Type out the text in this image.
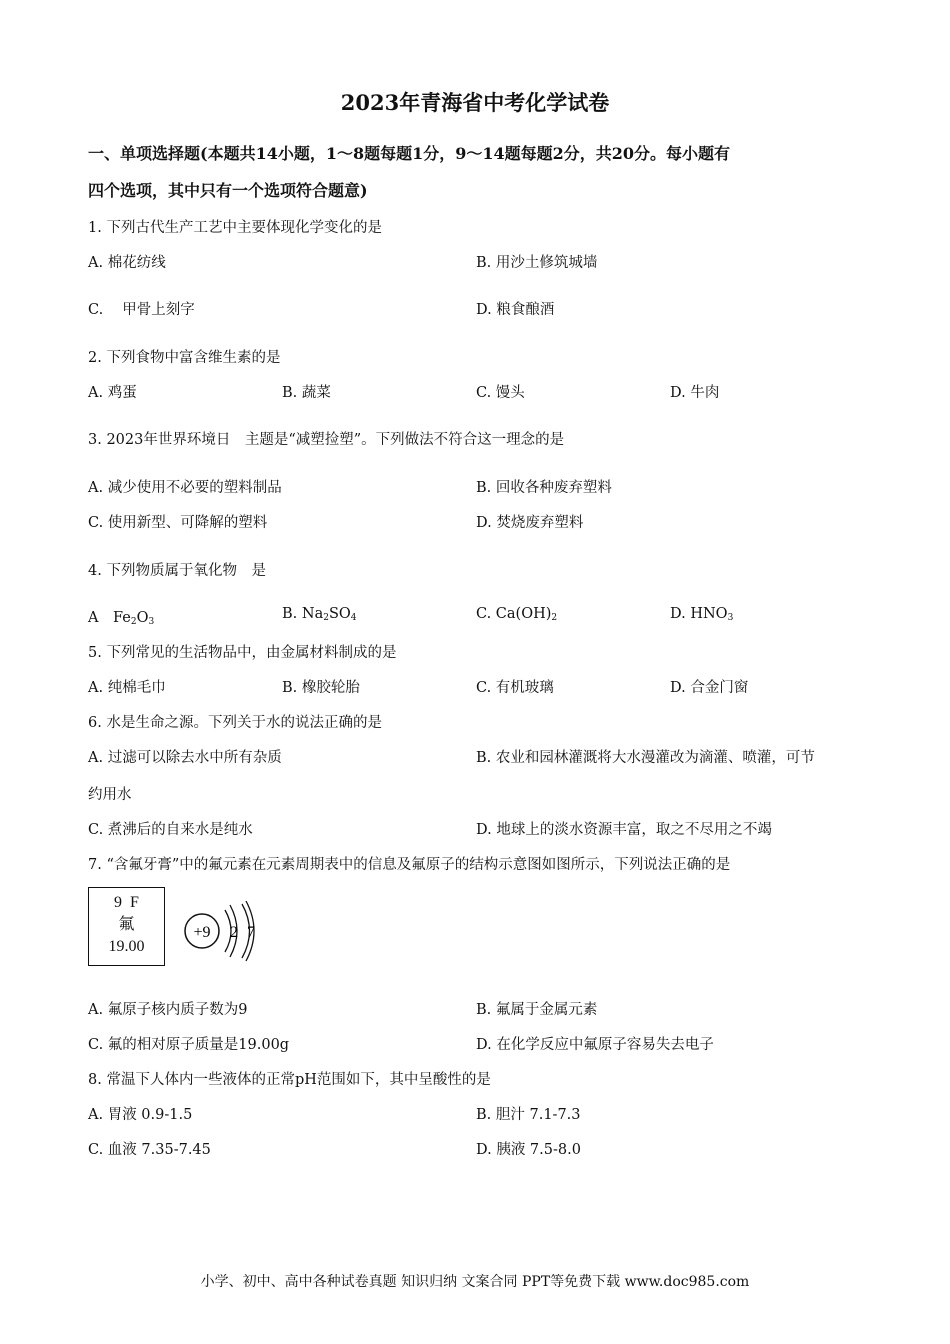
2023年青海省中考化学试卷
一、单项选择题(本题共14小题，1～8题每题1分，9～14题每题2分，共20分。每小题有
四个选项，其中只有一个选项符合题意)
1. 下列古代生产工艺中主要体现化学变化的是
A. 棉花纺线	B. 用沙土修筑城墙
C.　 甲骨上刻字	D. 粮食酿酒
2. 下列食物中富含维生素的是
A. 鸡蛋	B. 蔬菜	C. 馒头	D. 牛肉
3. 2023年世界环境日　主题是“减塑捡塑”。下列做法不符合这一理念的是
A. 减少使用不必要的塑料制品	B. 回收各种废弃塑料
C. 使用新型、可降解的塑料	D. 焚烧废弃塑料
4. 下列物质属于氧化物　是
A　$Fe_2O_3$	B. $Na_2SO_4$	C. $Ca(OH)_2$	D. $HNO_3$
5. 下列常见的生活物品中，由金属材料制成的是
A. 纯棉毛巾	B. 橡胶轮胎	C. 有机玻璃	D. 合金门窗
6. 水是生命之源。下列关于水的说法正确的是
A. 过滤可以除去水中所有杂质	B. 农业和园林灌溉将大水漫灌改为滴灌、喷灌，可节
约用水
C. 煮沸后的自来水是纯水	D. 地球上的淡水资源丰富，取之不尽用之不竭
7. “含氟牙膏”中的氟元素在元素周期表中的信息及氟原子的结构示意图如图所示，下列说法正确的是
9 F
氟
19.00
+9 2 7
A. 氟原子核内质子数为9	B. 氟属于金属元素
C. 氟的相对原子质量是19.00g	D. 在化学反应中氟原子容易失去电子
8. 常温下人体内一些液体的正常pH范围如下，其中呈酸性的是
A. 胃液 0.9-1.5	B. 胆汁 7.1-7.3
C. 血液 7.35-7.45	D. 胰液 7.5-8.0
小学、初中、高中各种试卷真题 知识归纳 文案合同 PPT等免费下载 www.doc985.com
